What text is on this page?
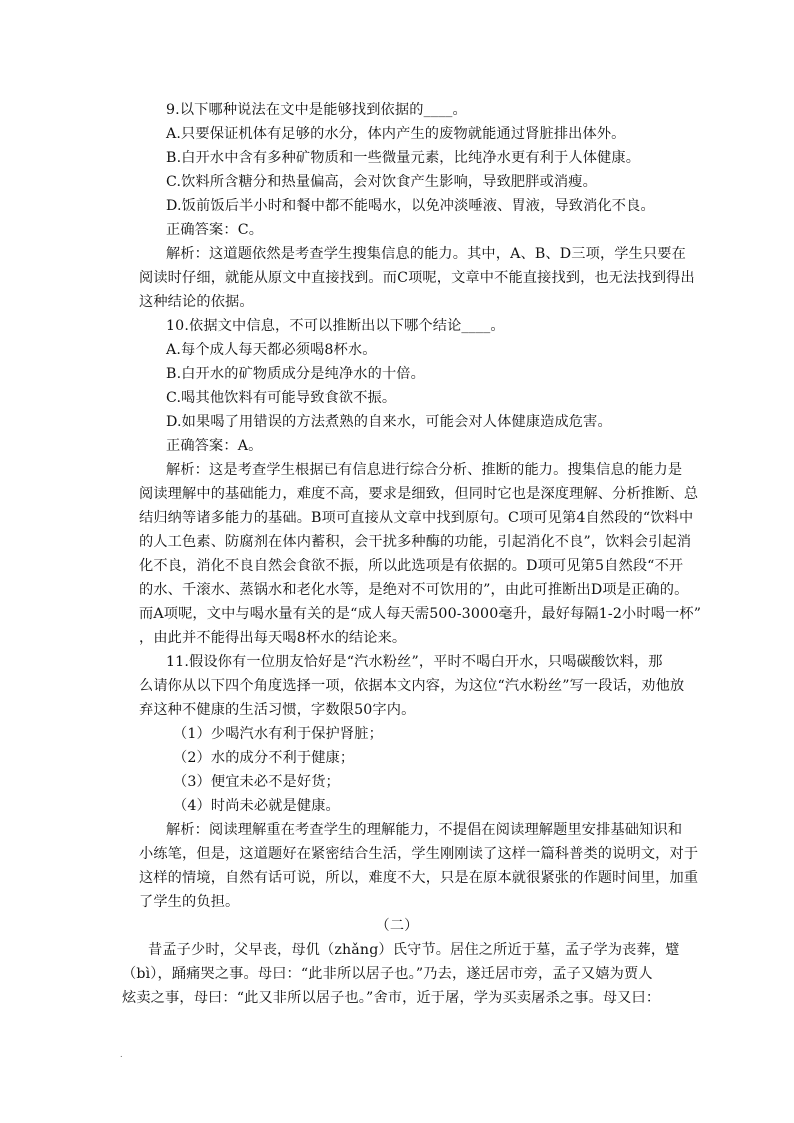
9.以下哪种说法在文中是能够找到依据的____。
A.只要保证机体有足够的水分，体内产生的废物就能通过肾脏排出体外。
B.白开水中含有多种矿物质和一些微量元素，比纯净水更有利于人体健康。
C.饮料所含糖分和热量偏高，会对饮食产生影响，导致肥胖或消瘦。
D.饭前饭后半小时和餐中都不能喝水，以免冲淡唾液、胃液，导致消化不良。
正确答案：C。
解析：这道题依然是考查学生搜集信息的能力。其中，A、B、D三项，学生只要在
阅读时仔细，就能从原文中直接找到。而C项呢，文章中不能直接找到，也无法找到得出
这种结论的依据。
10.依据文中信息，不可以推断出以下哪个结论____。
A.每个成人每天都必须喝8杯水。
B.白开水的矿物质成分是纯净水的十倍。
C.喝其他饮料有可能导致食欲不振。
D.如果喝了用错误的方法煮熟的自来水，可能会对人体健康造成危害。
正确答案：A。
解析：这是考查学生根据已有信息进行综合分析、推断的能力。搜集信息的能力是
阅读理解中的基础能力，难度不高，要求是细致，但同时它也是深度理解、分析推断、总
结归纳等诸多能力的基础。B项可直接从文章中找到原句。C项可见第4自然段的“饮料中
的人工色素、防腐剂在体内蓄积，会干扰多种酶的功能，引起消化不良”，饮料会引起消
化不良，消化不良自然会食欲不振，所以此选项是有依据的。D项可见第5自然段“不开
的水、千滚水、蒸锅水和老化水等，是绝对不可饮用的”，由此可推断出D项是正确的。
而A项呢，文中与喝水量有关的是“成人每天需500-3000毫升，最好每隔1-2小时喝一杯”
，由此并不能得出每天喝8杯水的结论来。
11.假设你有一位朋友恰好是“汽水粉丝”，平时不喝白开水，只喝碳酸饮料，那
么请你从以下四个角度选择一项，依据本文内容，为这位“汽水粉丝”写一段话，劝他放
弃这种不健康的生活习惯，字数限50字内。
（1）少喝汽水有利于保护肾脏；
（2）水的成分不利于健康；
（3）便宜未必不是好货；
（4）时尚未必就是健康。
解析：阅读理解重在考查学生的理解能力，不提倡在阅读理解题里安排基础知识和
小练笔，但是，这道题好在紧密结合生活，学生刚刚读了这样一篇科普类的说明文，对于
这样的情境，自然有话可说，所以，难度不大，只是在原本就很紧张的作题时间里，加重
了学生的负担。
（二）
昔孟子少时，父早丧，母仉（zhǎng）氏守节。居住之所近于墓，孟子学为丧葬，躄
（bì），踊痛哭之事。母曰：“此非所以居子也。”乃去，遂迁居市旁，孟子又嬉为贾人
炫卖之事，母曰：“此又非所以居子也。”舍市，近于屠，学为买卖屠杀之事。母又曰：
.
